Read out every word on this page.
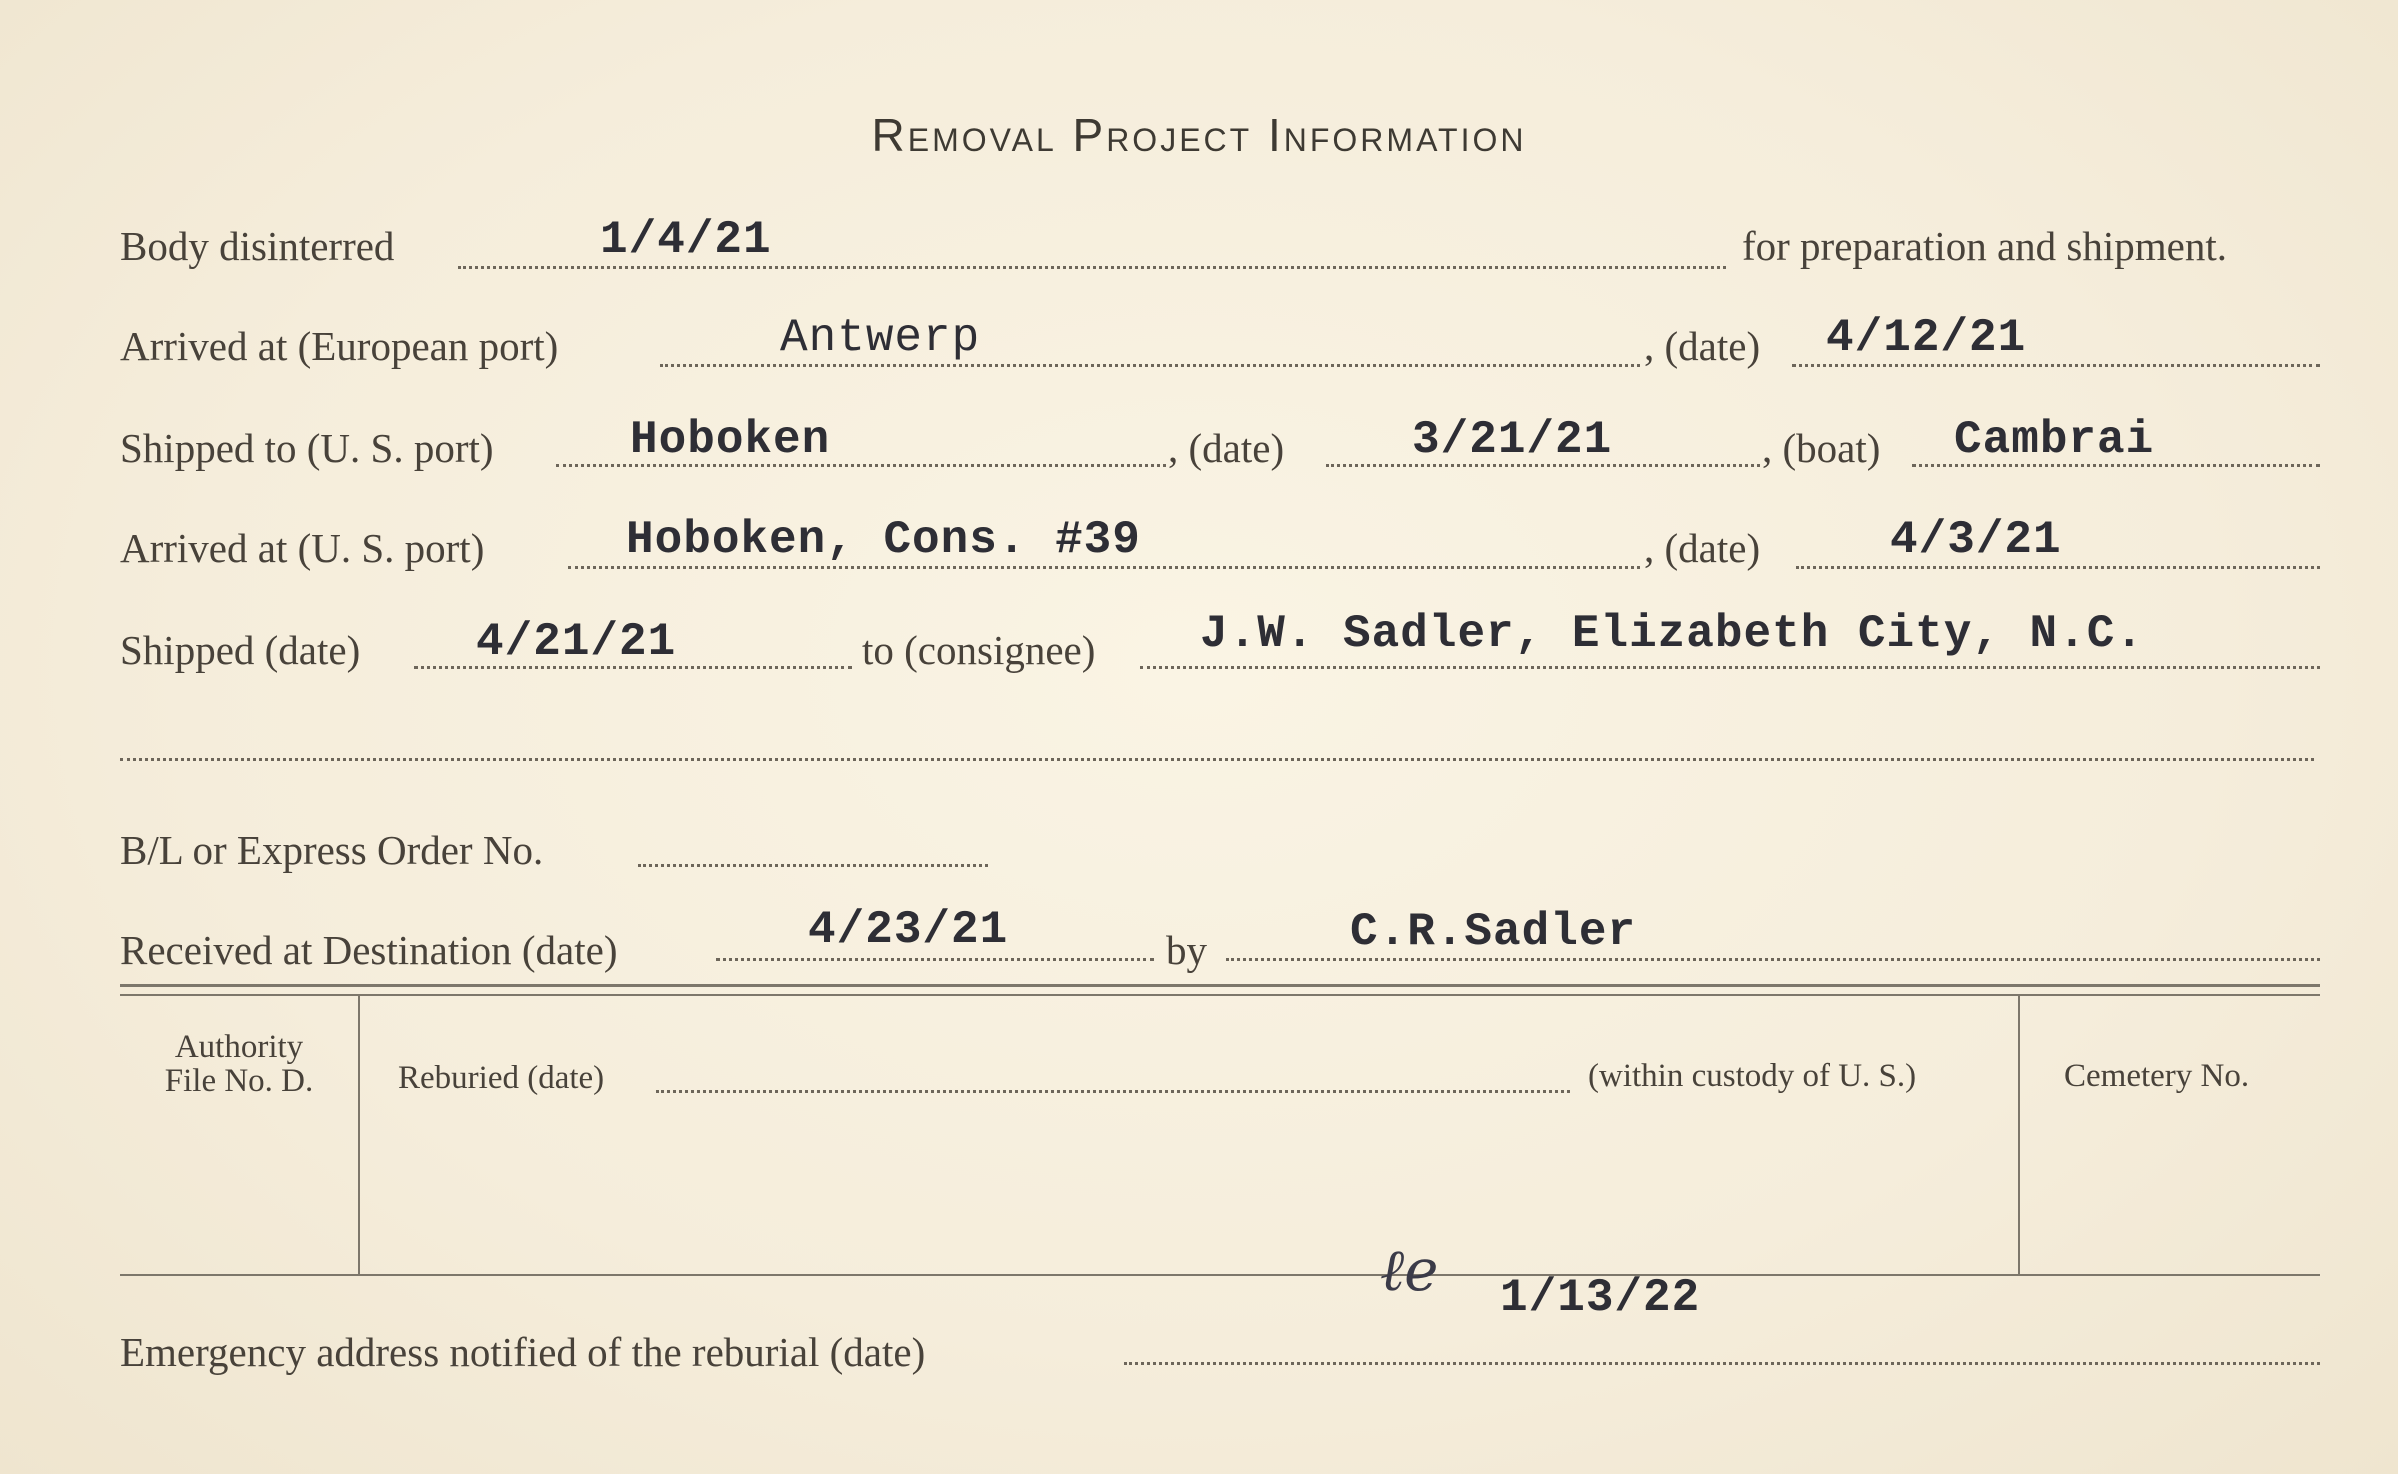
Removal Project Information
Body disinterred	1/4/21	for preparation and shipment.
Arrived at (European port)	Antwerp	, (date) 4/12/21
Shipped to (U. S. port)	Hoboken	, (date)	3/21/21	, (boat) Cambrai
Arrived at (U. S. port)	Hoboken, Cons. #39	, (date)	4/3/21
Shipped (date)	4/21/21	to (consignee) J.W. Sadler, Elizabeth City, N.C.
B/L or Express Order No.
Received at Destination (date)	4/23/21	by	C.R.Sadler
Authority
File No. D.	Reburied (date)	(within custody of U. S.)	Cemetery No.
Emergency address notified of the reburial (date)
ℓe 1/13/22
